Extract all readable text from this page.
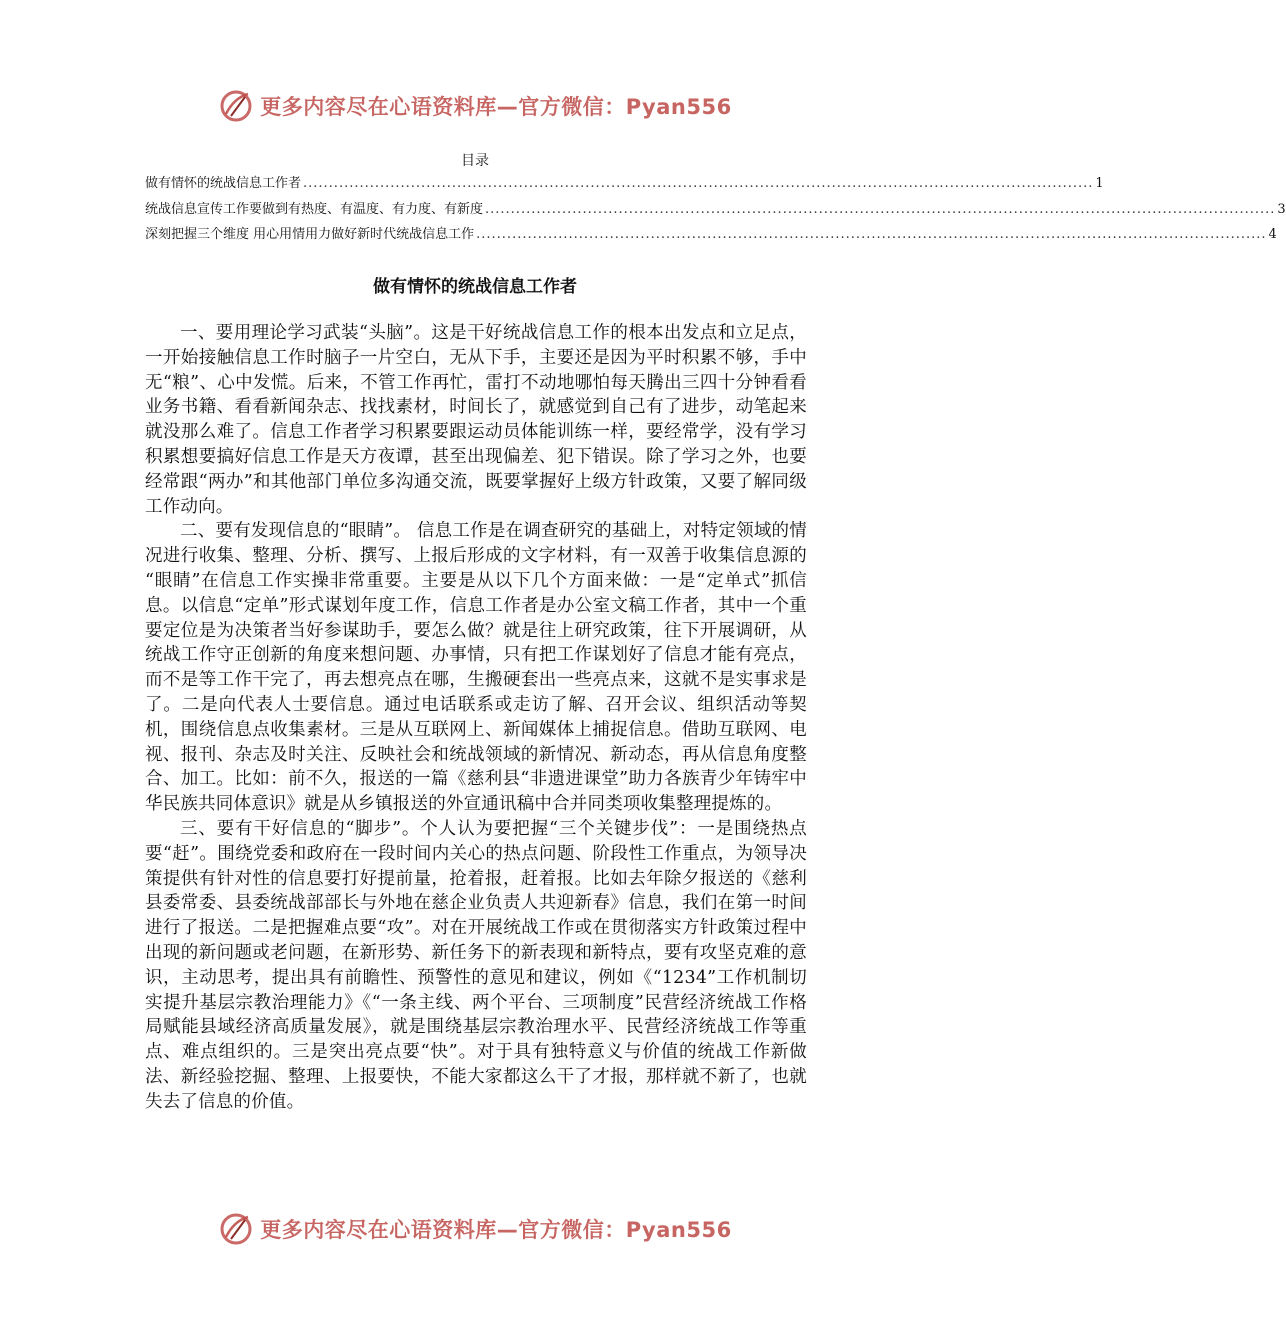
更多内容尽在心语资料库—官方微信：Pyan556
目录
做有情怀的统战信息工作者 .......................................................................................................................................................... 1
统战信息宣传工作要做到有热度、有温度、有力度、有新度 .......................................................................................................................................................... 3
深刻把握三个维度 用心用情用力做好新时代统战信息工作 .......................................................................................................................................................... 4
做有情怀的统战信息工作者

一、要用理论学习武装“头脑”。这是干好统战信息工作的根本出发点和立足点，一开始接触信息工作时脑子一片空白，无从下手，主要还是因为平时积累不够，手中无“粮”、心中发慌。后来，不管工作再忙，雷打不动地哪怕每天腾出三四十分钟看看业务书籍、看看新闻杂志、找找素材，时间长了，就感觉到自己有了进步，动笔起来就没那么难了。信息工作者学习积累要跟运动员体能训练一样，要经常学，没有学习积累想要搞好信息工作是天方夜谭，甚至出现偏差、犯下错误。除了学习之外，也要经常跟“两办”和其他部门单位多沟通交流，既要掌握好上级方针政策，又要了解同级工作动向。

二、要有发现信息的“眼睛”。 信息工作是在调查研究的基础上，对特定领域的情况进行收集、整理、分析、撰写、上报后形成的文字材料，有一双善于收集信息源的 “眼睛”在信息工作实操非常重要。主要是从以下几个方面来做：一是“定单式”抓信息。以信息“定单”形式谋划年度工作，信息工作者是办公室文稿工作者，其中一个重要定位是为决策者当好参谋助手，要怎么做？就是往上研究政策，往下开展调研，从统战工作守正创新的角度来想问题、办事情，只有把工作谋划好了信息才能有亮点，而不是等工作干完了，再去想亮点在哪，生搬硬套出一些亮点来，这就不是实事求是了。二是向代表人士要信息。通过电话联系或走访了解、召开会议、组织活动等契机，围绕信息点收集素材。三是从互联网上、新闻媒体上捕捉信息。借助互联网、电视、报刊、杂志及时关注、反映社会和统战领域的新情况、新动态，再从信息角度整合、加工。比如：前不久，报送的一篇《慈利县“非遗进课堂”助力各族青少年铸牢中华民族共同体意识》就是从乡镇报送的外宣通讯稿中合并同类项收集整理提炼的。

三、要有干好信息的“脚步”。个人认为要把握“三个关键步伐”：一是围绕热点要“赶”。围绕党委和政府在一段时间内关心的热点问题、阶段性工作重点，为领导决策提供有针对性的信息要打好提前量，抢着报，赶着报。比如去年除夕报送的《慈利县委常委、县委统战部部长与外地在慈企业负责人共迎新春》信息，我们在第一时间进行了报送。二是把握难点要“攻”。对在开展统战工作或在贯彻落实方针政策过程中出现的新问题或老问题，在新形势、新任务下的新表现和新特点，要有攻坚克难的意识，主动思考，提出具有前瞻性、预警性的意见和建议，例如《“1234”工作机制切实提升基层宗教治理能力》《“一条主线、两个平台、三项制度”民营经济统战工作格局赋能县域经济高质量发展》，就是围绕基层宗教治理水平、民营经济统战工作等重点、难点组织的。三是突出亮点要“快”。对于具有独特意义与价值的统战工作新做法、新经验挖掘、整理、上报要快，不能大家都这么干了才报，那样就不新了，也就失去了信息的价值。

更多内容尽在心语资料库—官方微信：Pyan556
